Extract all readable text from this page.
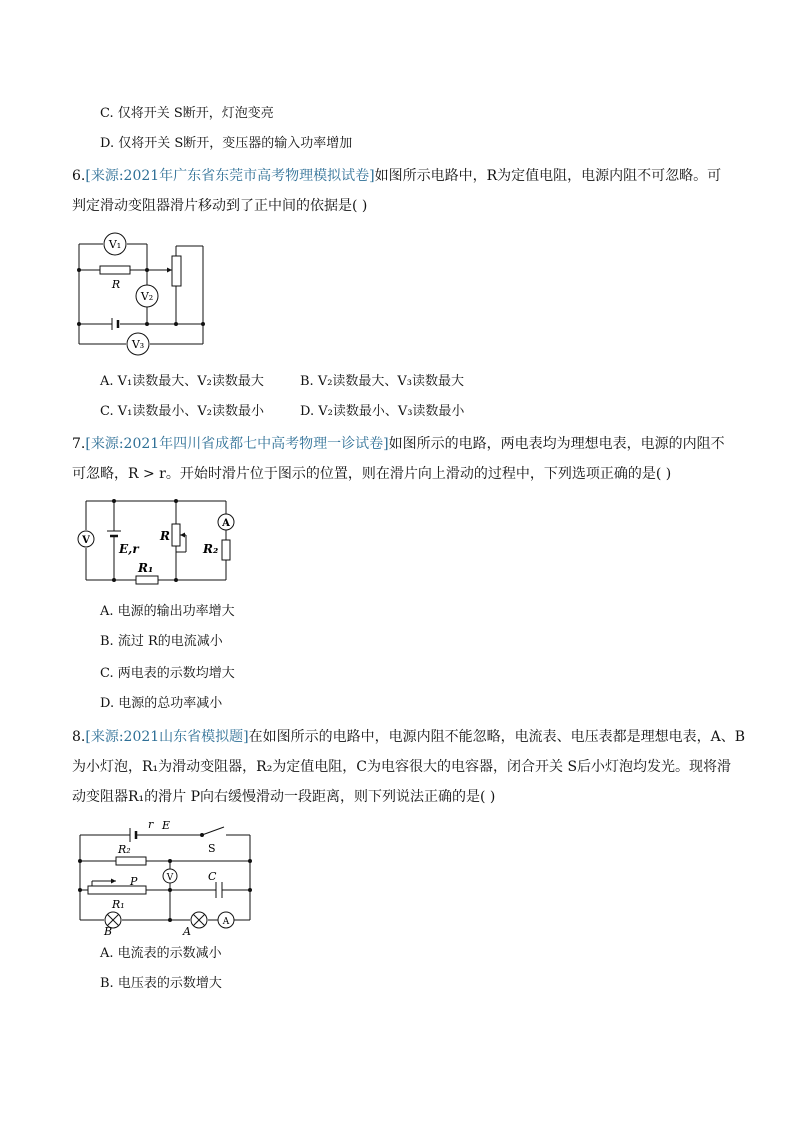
C. 仅将开关 S断开，灯泡变亮
D. 仅将开关 S断开，变压器的输入功率增加
6.[来源:2021年广东省东莞市高考物理模拟试卷]如图所示电路中，R为定值电阻，电源内阻不可忽略。可
判定滑动变阻器滑片移动到了正中间的依据是( )
V₁
V₂
V₃
R
A. V₁读数最大、V₂读数最大	B. V₂读数最大、V₃读数最大
C. V₁读数最小、V₂读数最小	D. V₂读数最小、V₃读数最小
7.[来源:2021年四川省成都七中高考物理一诊试卷]如图所示的电路，两电表均为理想电表，电源的内阻不
可忽略，R > r。开始时滑片位于图示的位置，则在滑片向上滑动的过程中，下列选项正确的是( )
V
A
E,r
R
R₁
R₂
A. 电源的输出功率增大
B. 流过 R的电流减小
C. 两电表的示数均增大
D. 电源的总功率减小
8.[来源:2021山东省模拟题]在如图所示的电路中，电源内阻不能忽略，电流表、电压表都是理想电表，A、B
为小灯泡，R₁为滑动变阻器，R₂为定值电阻，C为电容很大的电容器，闭合开关 S后小灯泡均发光。现将滑
动变阻器R₁的滑片 P向右缓慢滑动一段距离，则下列说法正确的是( )
r E
S
R₂
P
R₁
V	C
A
A
B
A. 电流表的示数减小
B. 电压表的示数增大
